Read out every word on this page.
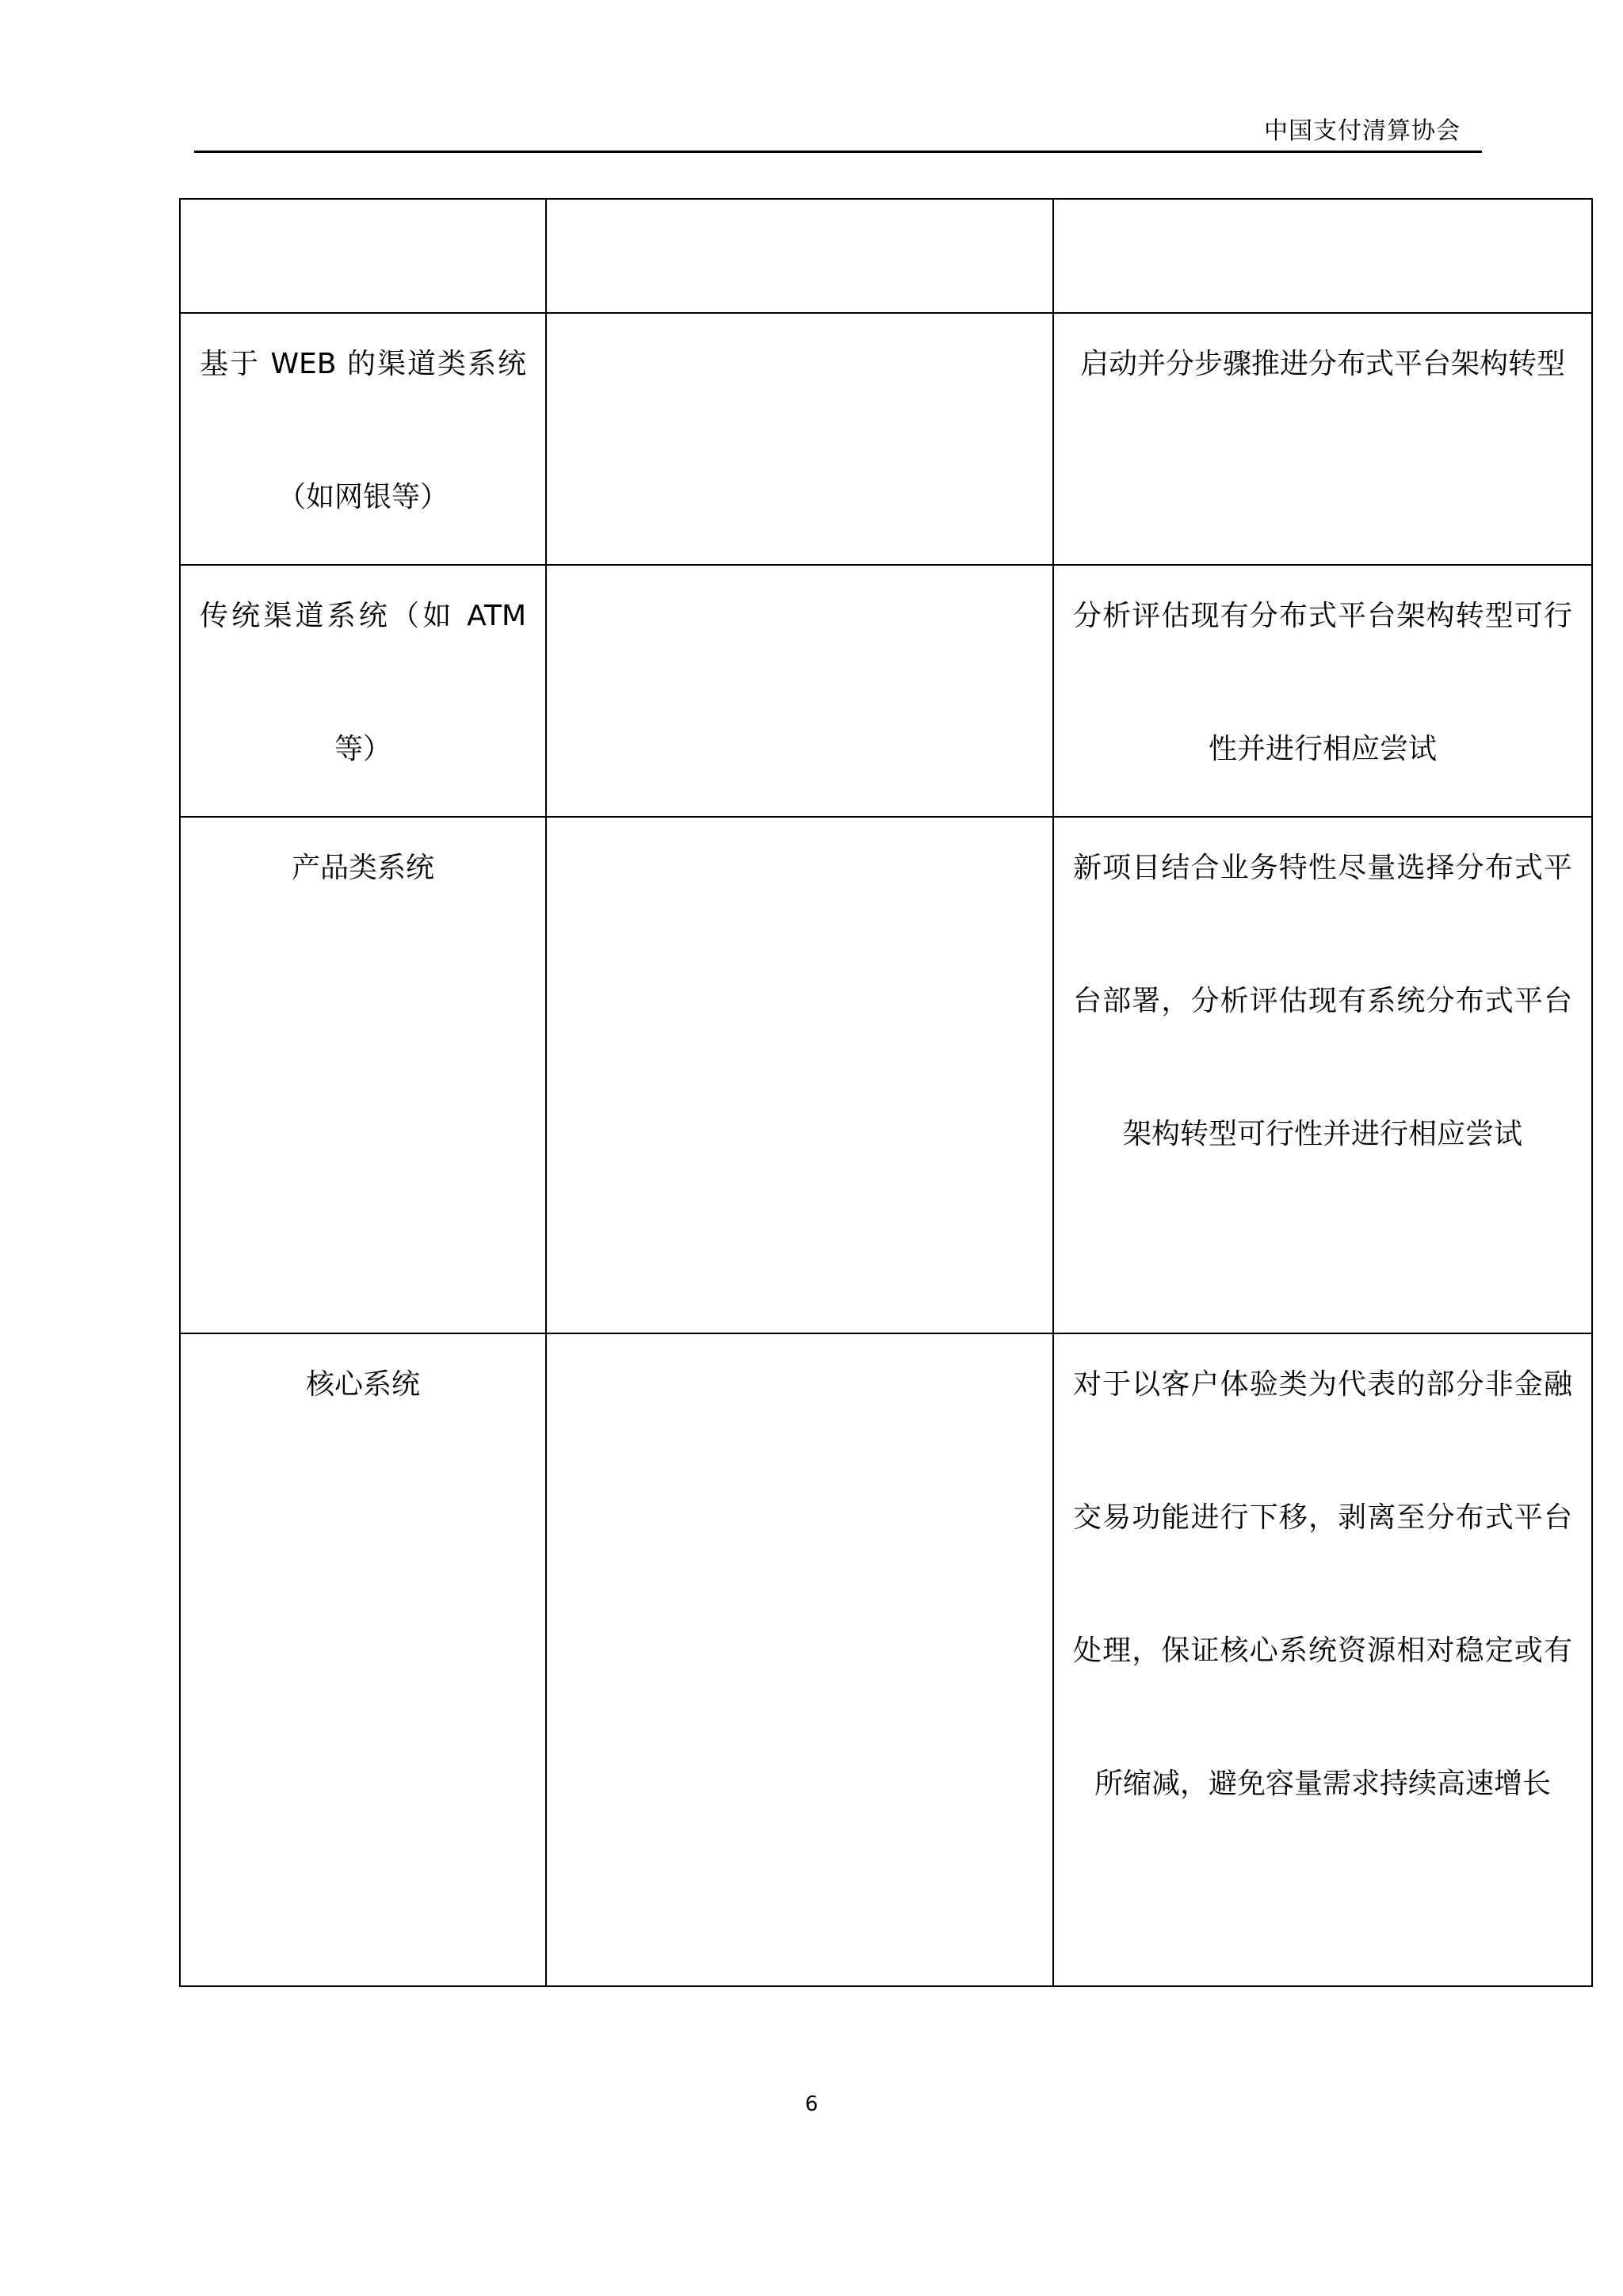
中国支付清算协会

基于 WEB 的渠道类系统（如网银等）		启动并分步骤推进分布式平台架构转型

传统渠道系统（如 ATM 等）		分析评估现有分布式平台架构转型可行性并进行相应尝试

产品类系统		新项目结合业务特性尽量选择分布式平台部署，分析评估现有系统分布式平台架构转型可行性并进行相应尝试

核心系统		对于以客户体验类为代表的部分非金融交易功能进行下移，剥离至分布式平台处理，保证核心系统资源相对稳定或有所缩减，避免容量需求持续高速增长
6
